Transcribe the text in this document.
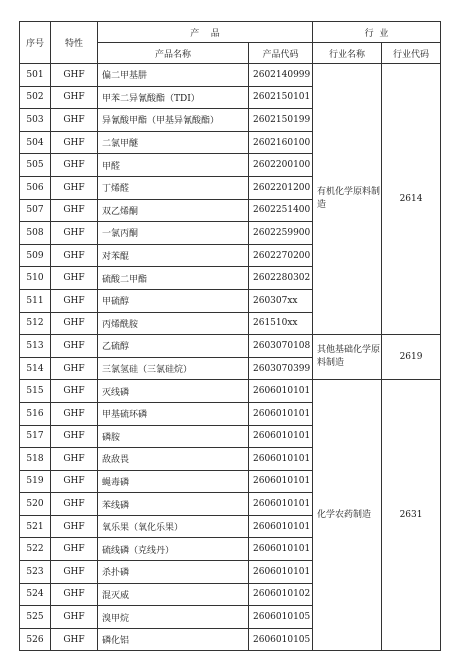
序号	特性	产    品		行  业	
		产品名称	产品代码	行业名称	行业代码
501	GHF	偏二甲基肼	2602140999	有机化学原料制造	2614
502	GHF	甲苯二异氰酸酯（TDI）	2602150101		
503	GHF	异氰酸甲酯（甲基异氰酸酯）	2602150199		
504	GHF	二氯甲醚	2602160100		
505	GHF	甲醛	2602200100		
506	GHF	丁烯醛	2602201200		
507	GHF	双乙烯酮	2602251400		
508	GHF	一氯丙酮	2602259900		
509	GHF	对苯醌	2602270200		
510	GHF	硫酸二甲酯	2602280302		
511	GHF	甲硫醇	260307xx		
512	GHF	丙烯酰胺	261510xx		
513	GHF	乙硫醇	2603070108	其他基础化学原料制造	2619
514	GHF	三氯氢硅（三氯硅烷）	2603070399		
515	GHF	灭线磷	2606010101	化学农药制造	2631
516	GHF	甲基硫环磷	2606010101		
517	GHF	磷胺	2606010101		
518	GHF	敌敌畏	2606010101		
519	GHF	蝇毒磷	2606010101		
520	GHF	苯线磷	2606010101		
521	GHF	氧乐果（氧化乐果）	2606010101		
522	GHF	硫线磷（克线丹）	2606010101		
523	GHF	杀扑磷	2606010101		
524	GHF	混灭威	2606010102		
525	GHF	溴甲烷	2606010105		
526	GHF	磷化铝	2606010105		
